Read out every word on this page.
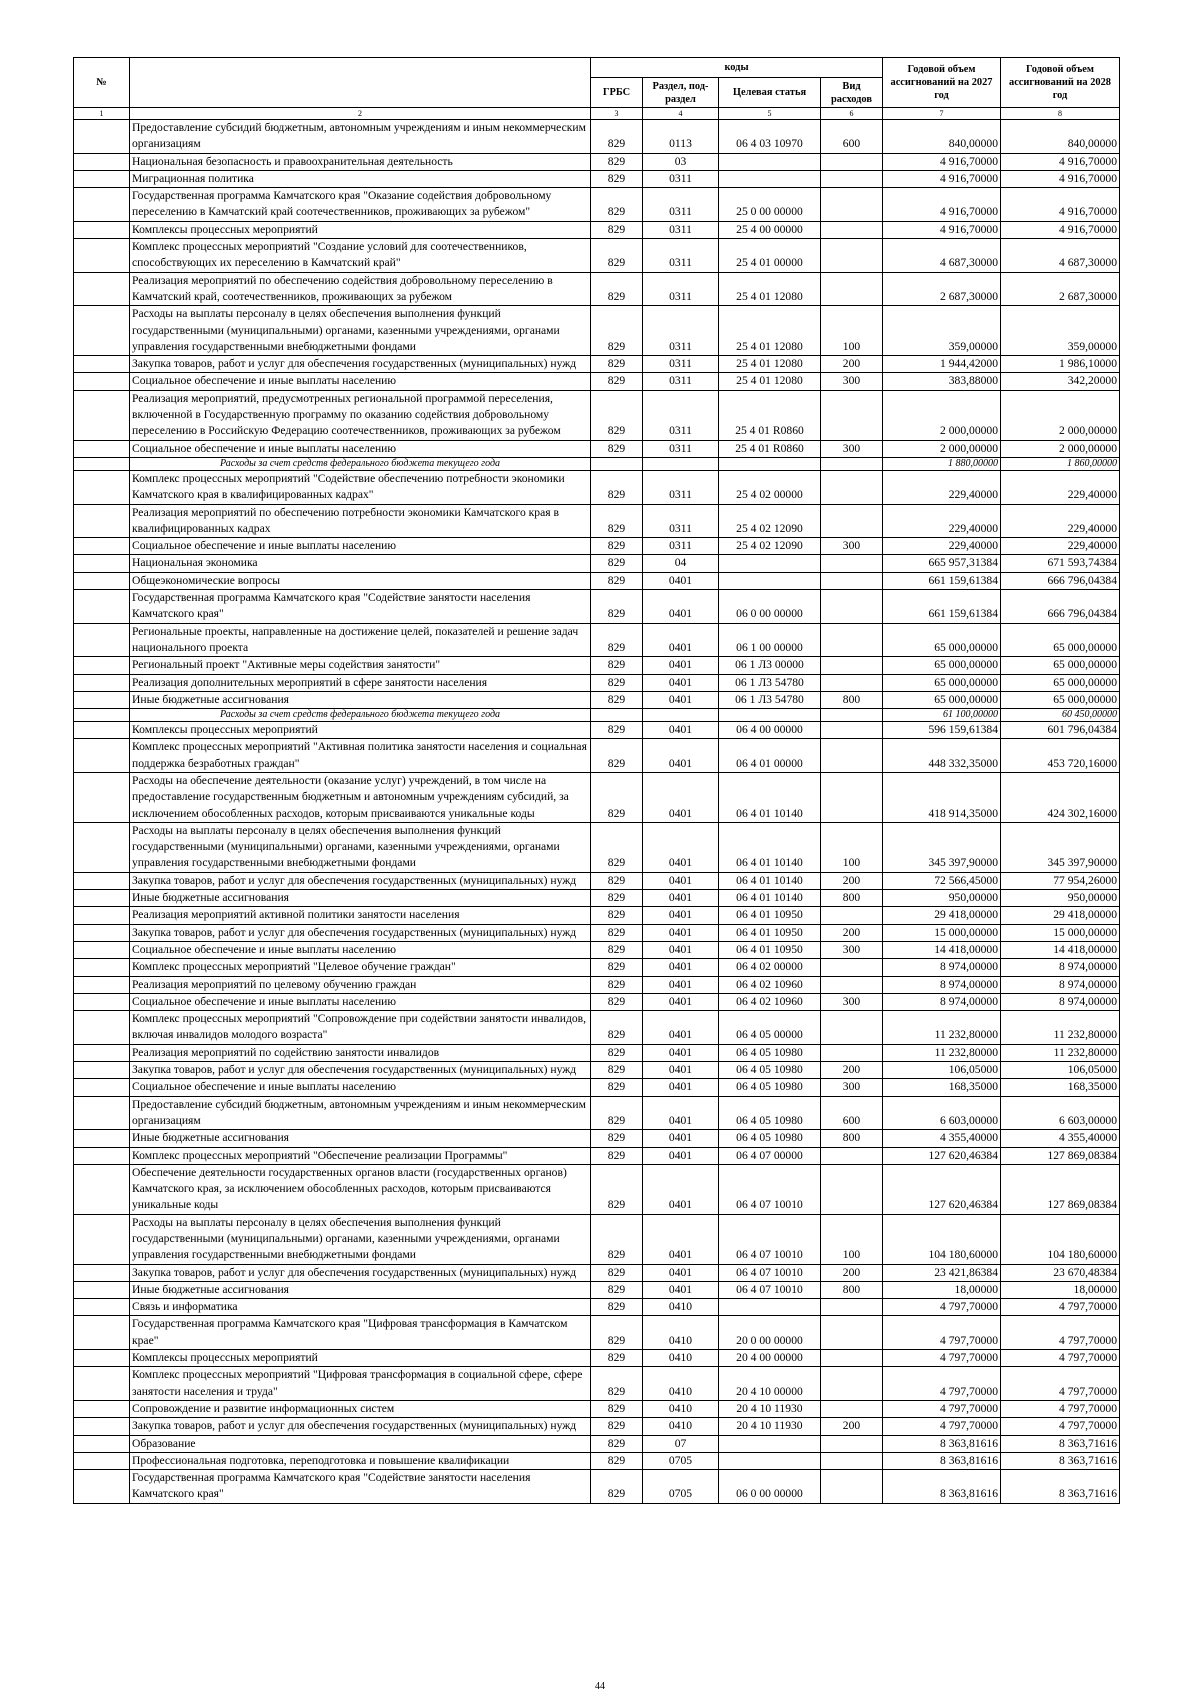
№		коды				Годовой объем ассигнований на 2027 год	Годовой объем ассигнований на 2028 год
		ГРБС	Раздел, под-раздел	Целевая статья	Вид расходов		
1	2	3	4	5	6	7	8
	Предоставление субсидий бюджетным, автономным учреждениям и иным некоммерческим организациям	829	0113	06 4 03 10970	600	840,00000	840,00000
	Национальная безопасность и правоохранительная деятельность	829	03			4 916,70000	4 916,70000
	Миграционная политика	829	0311			4 916,70000	4 916,70000
	Государственная программа Камчатского края "Оказание содействия добровольному переселению в Камчатский край соотечественников, проживающих за рубежом"	829	0311	25 0 00 00000		4 916,70000	4 916,70000
	Комплексы процессных мероприятий	829	0311	25 4 00 00000		4 916,70000	4 916,70000
	Комплекс процессных мероприятий "Создание условий для соотечественников, способствующих их переселению в Камчатский край"	829	0311	25 4 01 00000		4 687,30000	4 687,30000
	Реализация мероприятий по обеспечению содействия добровольному переселению в Камчатский край, соотечественников, проживающих за рубежом	829	0311	25 4 01 12080		2 687,30000	2 687,30000
	Расходы на выплаты персоналу в целях обеспечения выполнения функций государственными (муниципальными) органами, казенными учреждениями, органами управления государственными внебюджетными фондами	829	0311	25 4 01 12080	100	359,00000	359,00000
	Закупка товаров, работ и услуг для обеспечения государственных (муниципальных) нужд	829	0311	25 4 01 12080	200	1 944,42000	1 986,10000
	Социальное обеспечение и иные выплаты населению	829	0311	25 4 01 12080	300	383,88000	342,20000
	Реализация мероприятий, предусмотренных региональной программой переселения, включенной в Государственную программу по оказанию содействия добровольному переселению в Российскую Федерацию соотечественников, проживающих за рубежом	829	0311	25 4 01 R0860		2 000,00000	2 000,00000
	Социальное обеспечение и иные выплаты населению	829	0311	25 4 01 R0860	300	2 000,00000	2 000,00000
	Расходы за счет средств федерального бюджета текущего года					1 880,00000	1 860,00000
	Комплекс процессных мероприятий "Содействие обеспечению потребности экономики Камчатского края в квалифицированных кадрах"	829	0311	25 4 02 00000		229,40000	229,40000
	Реализация мероприятий по обеспечению потребности экономики Камчатского края в квалифицированных кадрах	829	0311	25 4 02 12090		229,40000	229,40000
	Социальное обеспечение и иные выплаты населению	829	0311	25 4 02 12090	300	229,40000	229,40000
	Национальная экономика	829	04			665 957,31384	671 593,74384
	Общеэкономические вопросы	829	0401			661 159,61384	666 796,04384
	Государственная программа Камчатского края "Содействие занятости населения Камчатского края"	829	0401	06 0 00 00000		661 159,61384	666 796,04384
	Региональные проекты, направленные на достижение целей, показателей и решение задач национального проекта	829	0401	06 1 00 00000		65 000,00000	65 000,00000
	Региональный проект "Активные меры содействия занятости"	829	0401	06 1 Л3 00000		65 000,00000	65 000,00000
	Реализация дополнительных мероприятий в сфере занятости населения	829	0401	06 1 Л3 54780		65 000,00000	65 000,00000
	Иные бюджетные ассигнования	829	0401	06 1 Л3 54780	800	65 000,00000	65 000,00000
	Расходы за счет средств федерального бюджета текущего года					61 100,00000	60 450,00000
	Комплексы процессных мероприятий	829	0401	06 4 00 00000		596 159,61384	601 796,04384
	Комплекс процессных мероприятий "Активная политика занятости населения и социальная поддержка безработных граждан"	829	0401	06 4 01 00000		448 332,35000	453 720,16000
	Расходы на обеспечение деятельности (оказание услуг) учреждений, в том числе на предоставление государственным бюджетным и автономным учреждениям субсидий, за исключением обособленных расходов, которым присваиваются уникальные коды	829	0401	06 4 01 10140		418 914,35000	424 302,16000
	Расходы на выплаты персоналу в целях обеспечения выполнения функций государственными (муниципальными) органами, казенными учреждениями, органами управления государственными внебюджетными фондами	829	0401	06 4 01 10140	100	345 397,90000	345 397,90000
	Закупка товаров, работ и услуг для обеспечения государственных (муниципальных) нужд	829	0401	06 4 01 10140	200	72 566,45000	77 954,26000
	Иные бюджетные ассигнования	829	0401	06 4 01 10140	800	950,00000	950,00000
	Реализация мероприятий активной политики занятости населения	829	0401	06 4 01 10950		29 418,00000	29 418,00000
	Закупка товаров, работ и услуг для обеспечения государственных (муниципальных) нужд	829	0401	06 4 01 10950	200	15 000,00000	15 000,00000
	Социальное обеспечение и иные выплаты населению	829	0401	06 4 01 10950	300	14 418,00000	14 418,00000
	Комплекс процессных мероприятий "Целевое обучение граждан"	829	0401	06 4 02 00000		8 974,00000	8 974,00000
	Реализация мероприятий по целевому обучению граждан	829	0401	06 4 02 10960		8 974,00000	8 974,00000
	Социальное обеспечение и иные выплаты населению	829	0401	06 4 02 10960	300	8 974,00000	8 974,00000
	Комплекс процессных мероприятий "Сопровождение при содействии занятости инвалидов, включая инвалидов молодого возраста"	829	0401	06 4 05 00000		11 232,80000	11 232,80000
	Реализация мероприятий по содействию занятости инвалидов	829	0401	06 4 05 10980		11 232,80000	11 232,80000
	Закупка товаров, работ и услуг для обеспечения государственных (муниципальных) нужд	829	0401	06 4 05 10980	200	106,05000	106,05000
	Социальное обеспечение и иные выплаты населению	829	0401	06 4 05 10980	300	168,35000	168,35000
	Предоставление субсидий бюджетным, автономным учреждениям и иным некоммерческим организациям	829	0401	06 4 05 10980	600	6 603,00000	6 603,00000
	Иные бюджетные ассигнования	829	0401	06 4 05 10980	800	4 355,40000	4 355,40000
	Комплекс процессных мероприятий "Обеспечение реализации Программы"	829	0401	06 4 07 00000		127 620,46384	127 869,08384
	Обеспечение деятельности государственных органов власти (государственных органов) Камчатского края, за исключением обособленных расходов, которым присваиваются уникальные коды	829	0401	06 4 07 10010		127 620,46384	127 869,08384
	Расходы на выплаты персоналу в целях обеспечения выполнения функций государственными (муниципальными) органами, казенными учреждениями, органами управления государственными внебюджетными фондами	829	0401	06 4 07 10010	100	104 180,60000	104 180,60000
	Закупка товаров, работ и услуг для обеспечения государственных (муниципальных) нужд	829	0401	06 4 07 10010	200	23 421,86384	23 670,48384
	Иные бюджетные ассигнования	829	0401	06 4 07 10010	800	18,00000	18,00000
	Связь и информатика	829	0410			4 797,70000	4 797,70000
	Государственная программа Камчатского края "Цифровая трансформация в Камчатском крае"	829	0410	20 0 00 00000		4 797,70000	4 797,70000
	Комплексы процессных мероприятий	829	0410	20 4 00 00000		4 797,70000	4 797,70000
	Комплекс процессных мероприятий "Цифровая трансформация в социальной сфере, сфере занятости населения и труда"	829	0410	20 4 10 00000		4 797,70000	4 797,70000
	Сопровождение и развитие информационных систем	829	0410	20 4 10 11930		4 797,70000	4 797,70000
	Закупка товаров, работ и услуг для обеспечения государственных (муниципальных) нужд	829	0410	20 4 10 11930	200	4 797,70000	4 797,70000
	Образование	829	07			8 363,81616	8 363,71616
	Профессиональная подготовка, переподготовка и повышение квалификации	829	0705			8 363,81616	8 363,71616
	Государственная программа Камчатского края "Содействие занятости населения Камчатского края"	829	0705	06 0 00 00000		8 363,81616	8 363,71616
44
